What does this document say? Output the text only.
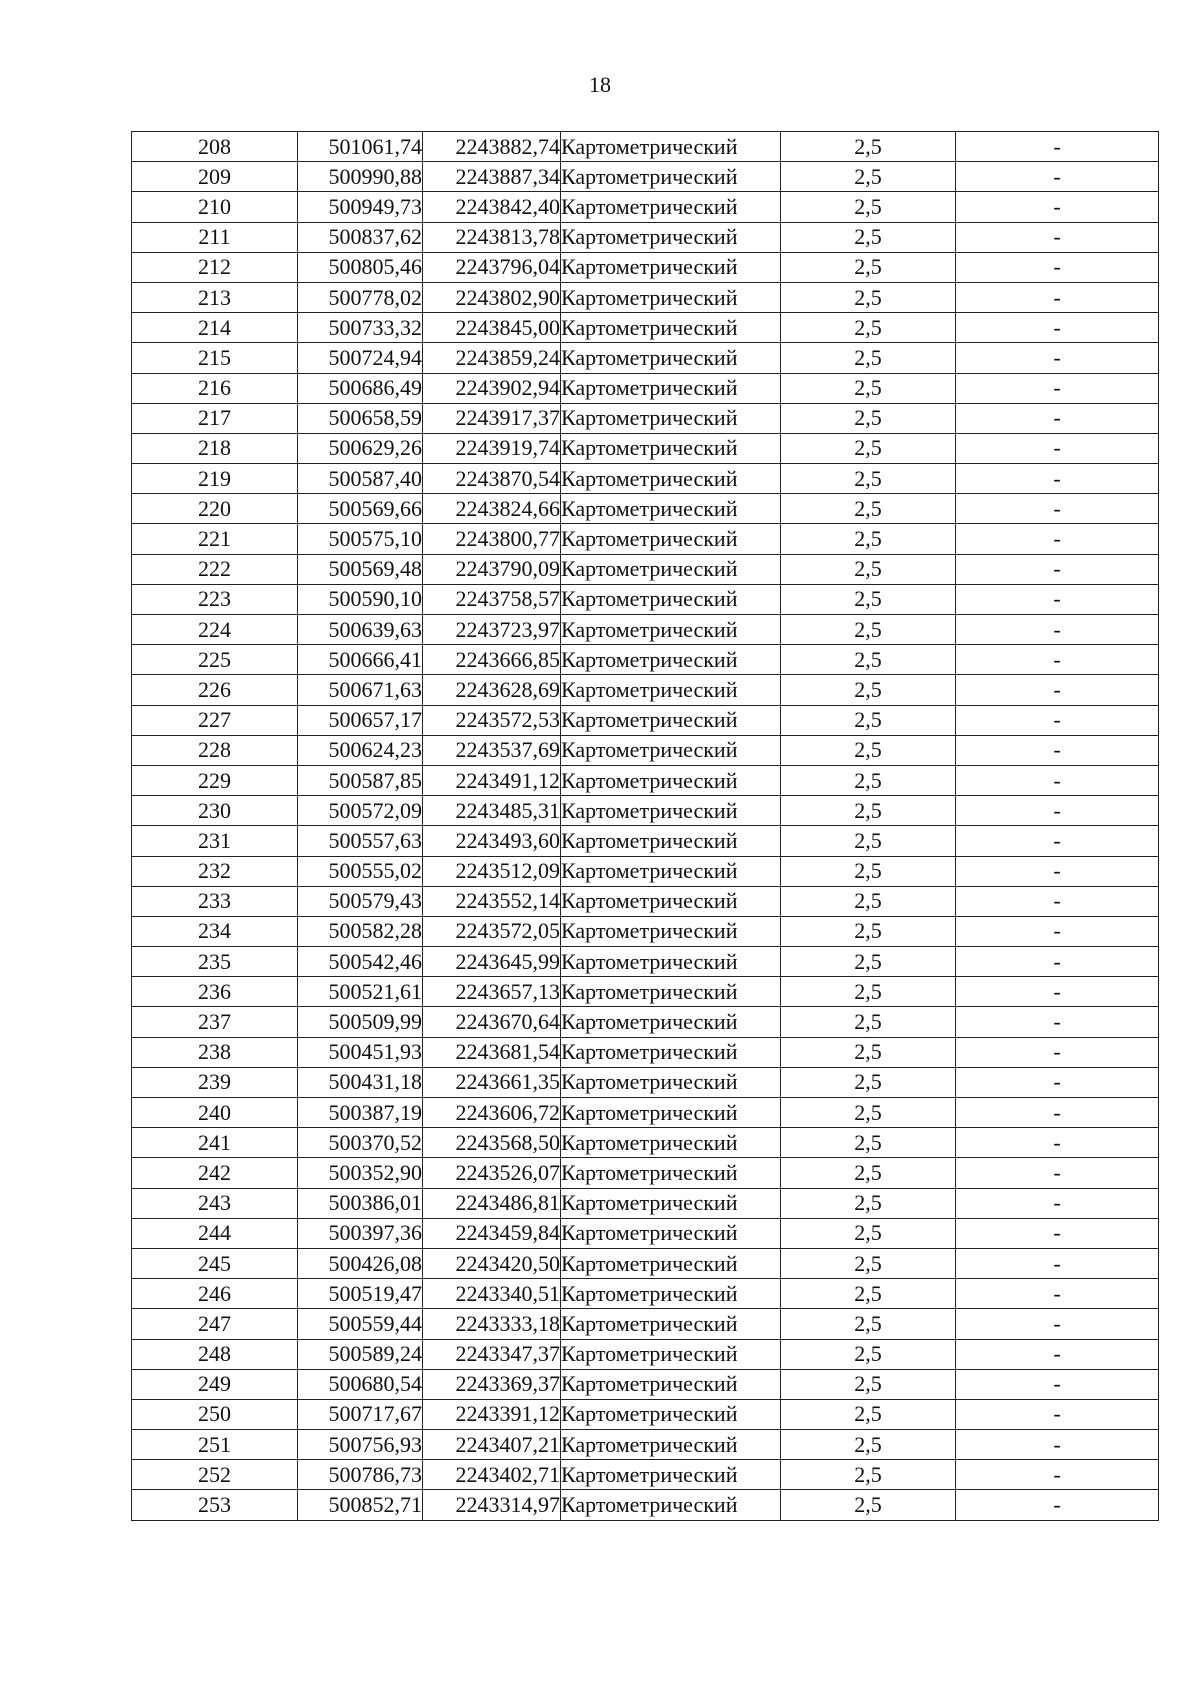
18
208	501061,74	2243882,74	Картометрический	2,5	-
209	500990,88	2243887,34	Картометрический	2,5	-
210	500949,73	2243842,40	Картометрический	2,5	-
211	500837,62	2243813,78	Картометрический	2,5	-
212	500805,46	2243796,04	Картометрический	2,5	-
213	500778,02	2243802,90	Картометрический	2,5	-
214	500733,32	2243845,00	Картометрический	2,5	-
215	500724,94	2243859,24	Картометрический	2,5	-
216	500686,49	2243902,94	Картометрический	2,5	-
217	500658,59	2243917,37	Картометрический	2,5	-
218	500629,26	2243919,74	Картометрический	2,5	-
219	500587,40	2243870,54	Картометрический	2,5	-
220	500569,66	2243824,66	Картометрический	2,5	-
221	500575,10	2243800,77	Картометрический	2,5	-
222	500569,48	2243790,09	Картометрический	2,5	-
223	500590,10	2243758,57	Картометрический	2,5	-
224	500639,63	2243723,97	Картометрический	2,5	-
225	500666,41	2243666,85	Картометрический	2,5	-
226	500671,63	2243628,69	Картометрический	2,5	-
227	500657,17	2243572,53	Картометрический	2,5	-
228	500624,23	2243537,69	Картометрический	2,5	-
229	500587,85	2243491,12	Картометрический	2,5	-
230	500572,09	2243485,31	Картометрический	2,5	-
231	500557,63	2243493,60	Картометрический	2,5	-
232	500555,02	2243512,09	Картометрический	2,5	-
233	500579,43	2243552,14	Картометрический	2,5	-
234	500582,28	2243572,05	Картометрический	2,5	-
235	500542,46	2243645,99	Картометрический	2,5	-
236	500521,61	2243657,13	Картометрический	2,5	-
237	500509,99	2243670,64	Картометрический	2,5	-
238	500451,93	2243681,54	Картометрический	2,5	-
239	500431,18	2243661,35	Картометрический	2,5	-
240	500387,19	2243606,72	Картометрический	2,5	-
241	500370,52	2243568,50	Картометрический	2,5	-
242	500352,90	2243526,07	Картометрический	2,5	-
243	500386,01	2243486,81	Картометрический	2,5	-
244	500397,36	2243459,84	Картометрический	2,5	-
245	500426,08	2243420,50	Картометрический	2,5	-
246	500519,47	2243340,51	Картометрический	2,5	-
247	500559,44	2243333,18	Картометрический	2,5	-
248	500589,24	2243347,37	Картометрический	2,5	-
249	500680,54	2243369,37	Картометрический	2,5	-
250	500717,67	2243391,12	Картометрический	2,5	-
251	500756,93	2243407,21	Картометрический	2,5	-
252	500786,73	2243402,71	Картометрический	2,5	-
253	500852,71	2243314,97	Картометрический	2,5	-
